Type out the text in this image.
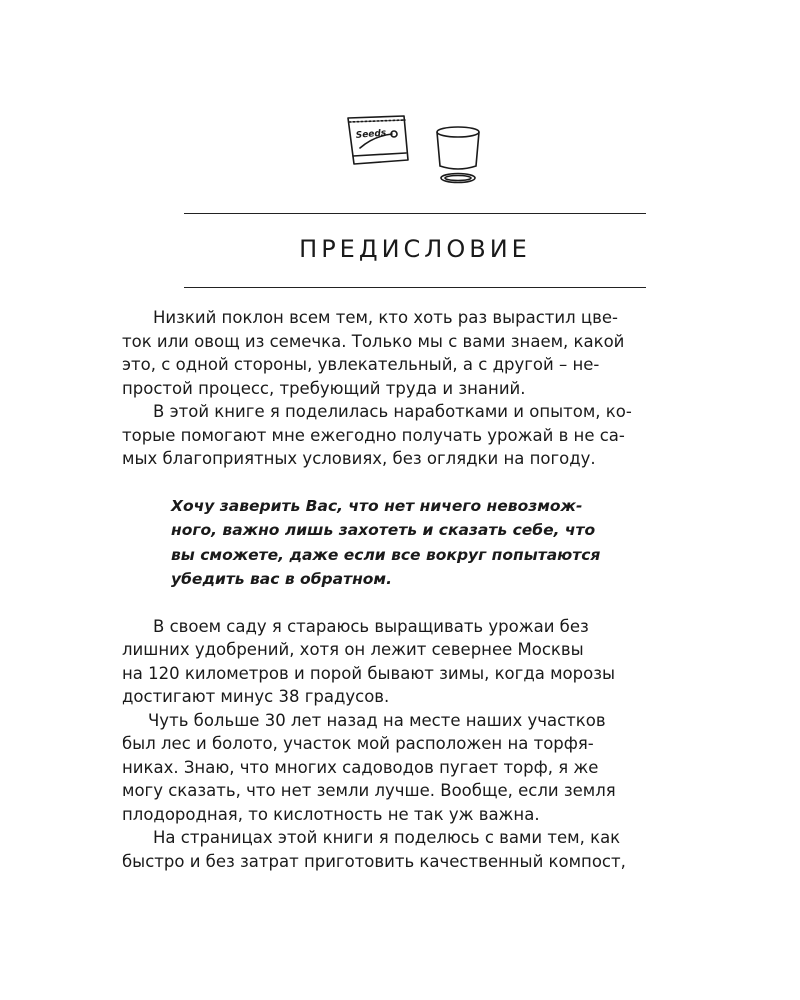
Seeds
ПРЕДИСЛОВИЕ
Низкий поклон всем тем, кто хоть раз вырастил цве-
ток или овощ из семечка. Только мы с вами знаем, какой
это, с одной стороны, увлекательный, а с другой – не-
простой процесс, требующий труда и знаний.
В этой книге я поделилась наработками и опытом, ко-
торые помогают мне ежегодно получать урожай в не са-
мых благоприятных условиях, без оглядки на погоду.
Хочу заверить Вас, что нет ничего невозмож-
ного, важно лишь захотеть и сказать себе, что
вы сможете, даже если все вокруг попытаются
убедить вас в обратном.
В своем саду я стараюсь выращивать урожаи без
лишних удобрений, хотя он лежит севернее Москвы
на 120 километров и порой бывают зимы, когда морозы
достигают минус 38 градусов.
Чуть больше 30 лет назад на месте наших участков
был лес и болото, участок мой расположен на торфя-
никах. Знаю, что многих садоводов пугает торф, я же
могу сказать, что нет земли лучше. Вообще, если земля
плодородная, то кислотность не так уж важна.
На страницах этой книги я поделюсь с вами тем, как
быстро и без затрат приготовить качественный компост,
